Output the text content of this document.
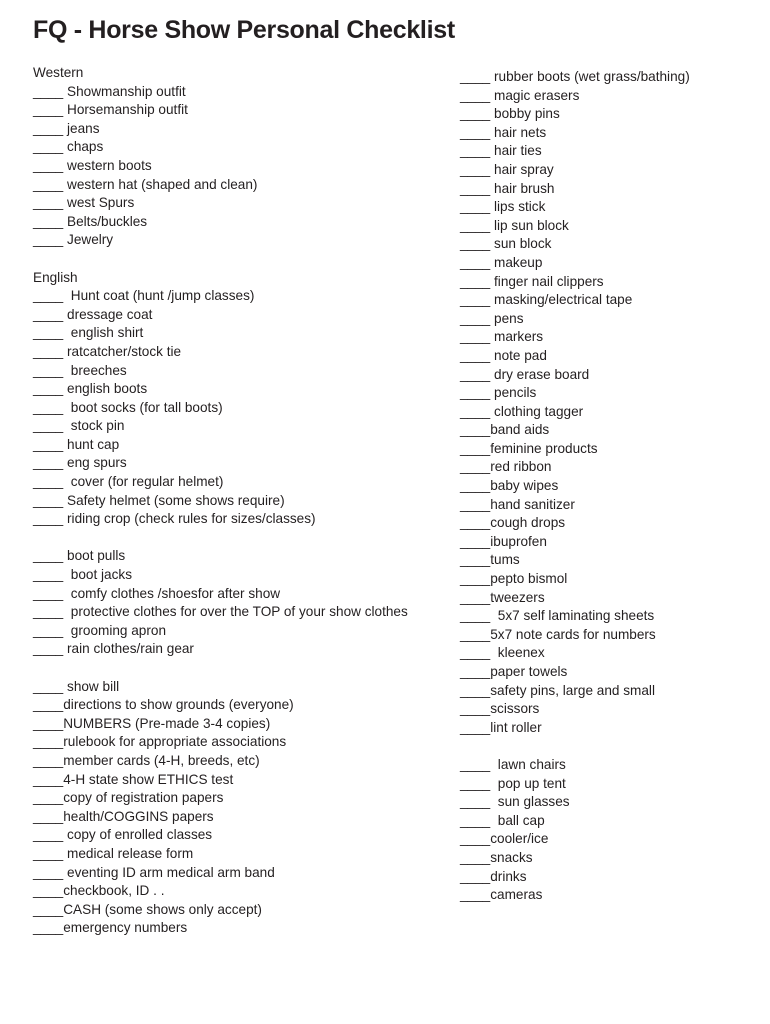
FQ - Horse Show Personal Checklist
Western
____ Showmanship outfit
____ Horsemanship outfit
____ jeans
____ chaps
____ western boots
____ western hat (shaped and clean)
____ west Spurs
____ Belts/buckles
____ Jewelry
English
____  Hunt coat (hunt /jump classes)
____ dressage coat
____  english shirt
____ ratcatcher/stock tie
____  breeches
____ english boots
____  boot socks (for tall boots)
____  stock pin
____ hunt cap
____ eng spurs
____  cover (for regular helmet)
____ Safety helmet (some shows require)
____ riding crop (check rules for sizes/classes)
____ boot pulls
____  boot jacks
____  comfy clothes /shoesfor after show
____  protective clothes for over the TOP of your show clothes
____  grooming apron
____ rain clothes/rain gear
____ show bill
____directions to show grounds (everyone)
____NUMBERS (Pre-made 3-4 copies)
____rulebook for appropriate associations
____member cards (4-H, breeds, etc)
____4-H state show ETHICS test
____copy of registration papers
____health/COGGINS papers
____ copy of enrolled classes
____ medical release form
____ eventing ID arm medical arm band
____checkbook, ID . .
____CASH (some shows only accept)
____emergency numbers
____ rubber boots (wet grass/bathing)
____ magic erasers
____ bobby pins
____ hair nets
____ hair ties
____ hair spray
____ hair brush
____ lips stick
____ lip sun block
____ sun block
____ makeup
____ finger nail clippers
____ masking/electrical tape
____ pens
____ markers
____ note pad
____ dry erase board
____ pencils
____ clothing tagger
____band aids
____feminine products
____red ribbon
____baby wipes
____hand sanitizer
____cough drops
____ibuprofen
____tums
____pepto bismol
____tweezers
____  5x7 self laminating sheets
____5x7 note cards for numbers
____  kleenex
____paper towels
____safety pins, large and small
____scissors
____lint roller
____  lawn chairs
____  pop up tent
____  sun glasses
____  ball cap
____cooler/ice
____snacks
____drinks
____cameras
